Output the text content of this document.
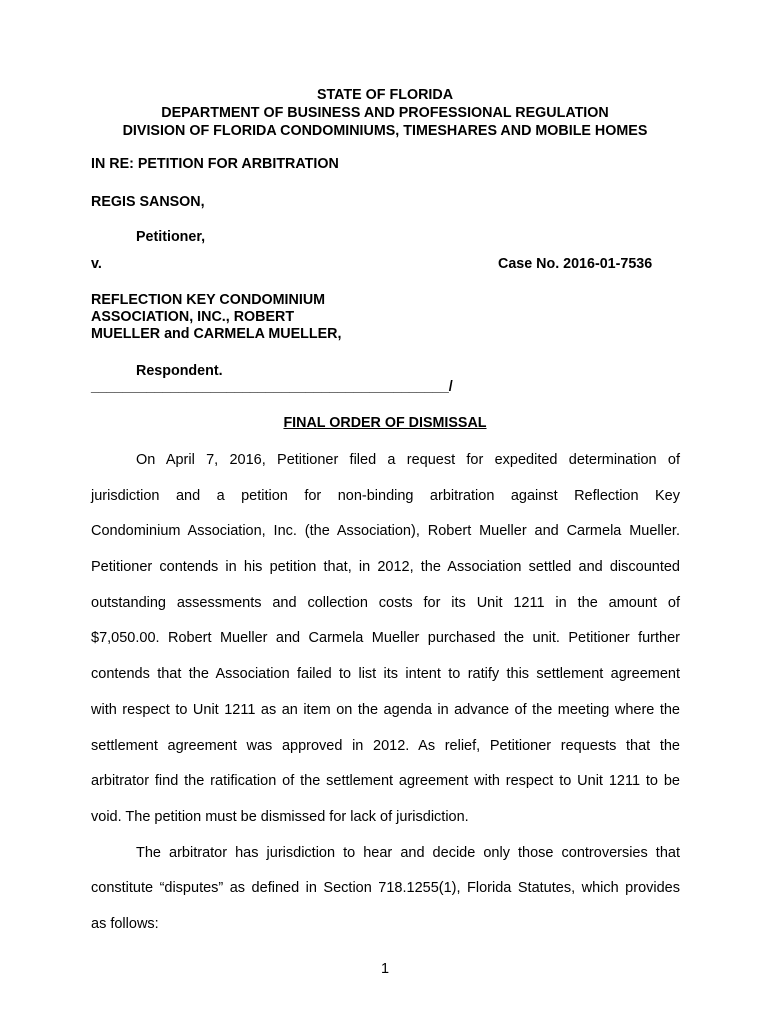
STATE OF FLORIDA
DEPARTMENT OF BUSINESS AND PROFESSIONAL REGULATION
DIVISION OF FLORIDA CONDOMINIUMS, TIMESHARES AND MOBILE HOMES
IN RE: PETITION FOR ARBITRATION
REGIS SANSON,
Petitioner,
v.	Case No. 2016-01-7536
REFLECTION KEY CONDOMINIUM
ASSOCIATION, INC., ROBERT
MUELLER and CARMELA MUELLER,
Respondent.
_____________________________________________/
FINAL ORDER OF DISMISSAL
On April 7, 2016, Petitioner filed a request for expedited determination of
jurisdiction and a petition for non-binding arbitration against Reflection Key
Condominium Association, Inc. (the Association), Robert Mueller and Carmela Mueller.
Petitioner contends in his petition that, in 2012, the Association settled and discounted
outstanding assessments and collection costs for its Unit 1211 in the amount of
$7,050.00. Robert Mueller and Carmela Mueller purchased the unit. Petitioner further
contends that the Association failed to list its intent to ratify this settlement agreement
with respect to Unit 1211 as an item on the agenda in advance of the meeting where the
settlement agreement was approved in 2012. As relief, Petitioner requests that the
arbitrator find the ratification of the settlement agreement with respect to Unit 1211 to be
void. The petition must be dismissed for lack of jurisdiction.
The arbitrator has jurisdiction to hear and decide only those controversies that
constitute “disputes” as defined in Section 718.1255(1), Florida Statutes, which provides
as follows:
1
